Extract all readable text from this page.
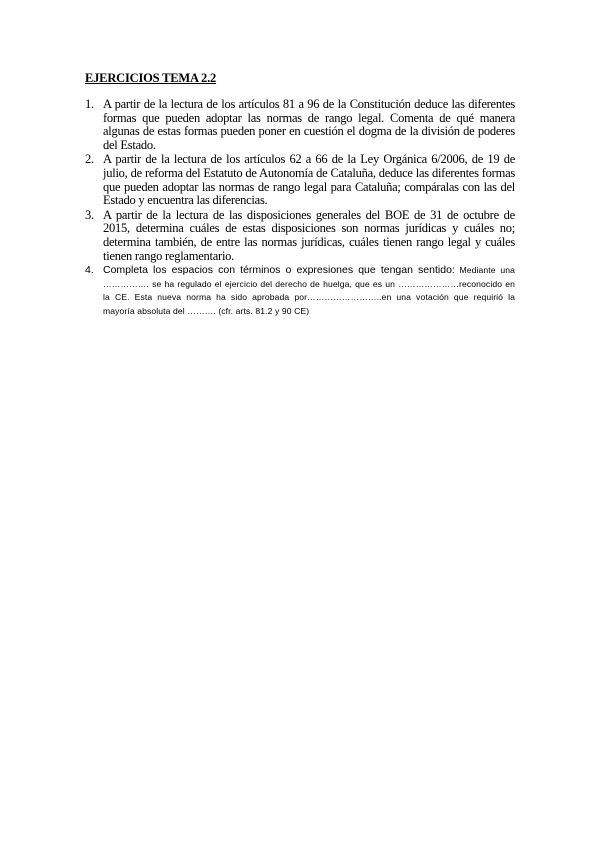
EJERCICIOS TEMA 2.2
1. A partir de la lectura de los artículos 81 a 96 de la Constitución deduce las diferentes formas que pueden adoptar las normas de rango legal. Comenta de qué manera algunas de estas formas pueden poner en cuestión el dogma de la división de poderes del Estado.
2. A partir de la lectura de los artículos 62 a 66 de la Ley Orgánica 6/2006, de 19 de julio, de reforma del Estatuto de Autonomía de Cataluña, deduce las diferentes formas que pueden adoptar las normas de rango legal para Cataluña; compáralas con las del Estado y encuentra las diferencias.
3. A partir de la lectura de las disposiciones generales del BOE de 31 de octubre de 2015, determina cuáles de estas disposiciones son normas jurídicas y cuáles no; determina también, de entre las normas jurídicas, cuáles tienen rango legal y cuáles tienen rango reglamentario.
4. Completa los espacios con términos o expresiones que tengan sentido: Mediante una ……………. se ha regulado el ejercicio del derecho de huelga, que es un …………………reconocido en la CE. Esta nueva norma ha sido aprobada por……………………..en una votación que requirió la mayoría absoluta del ………. (cfr. arts. 81.2 y 90 CE)
